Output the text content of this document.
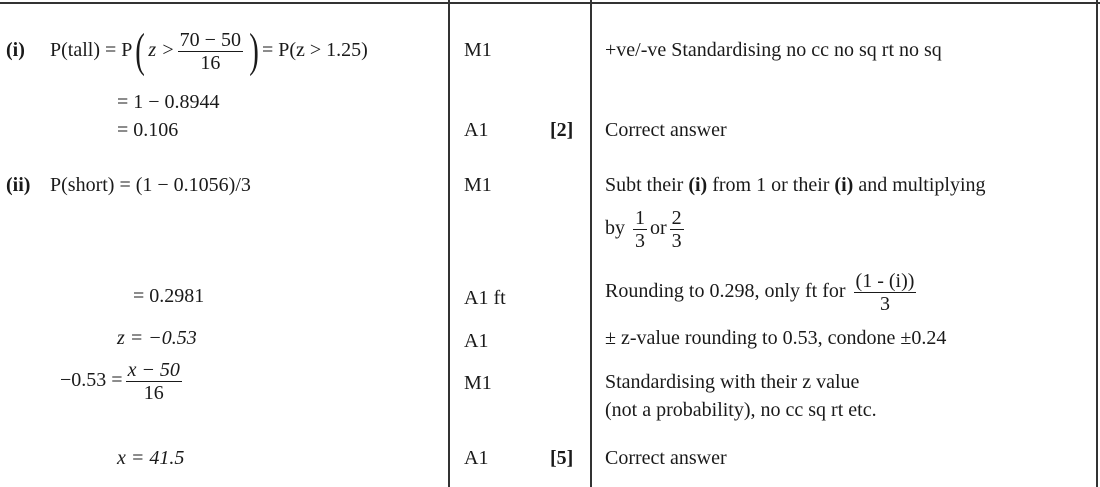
(i) P(tall) = P( $z > \frac{70 - 50}{16}$ ) = P(z > 1.25)
= 1 − 0.8944
= 0.106
M1
A1	[2]
+ve/-ve Standardising no cc no sq rt no sq
Correct answer
(ii) P(short) = (1 − 0.1056)/3
= 0.2981
z = −0.53
$-0.53 = \frac{x - 50}{16}$
x = 41.5
M1
A1 ft
A1
M1
A1	[5]
Subt their (i) from 1 or their (i) and multiplying
by $\frac{1}{3}$ or $\frac{2}{3}$
Rounding to 0.298, only ft for $\frac{(1 - (i))}{3}$
± z-value rounding to 0.53, condone ±0.24
Standardising with their z value
(not a probability), no cc sq rt etc.
Correct answer
